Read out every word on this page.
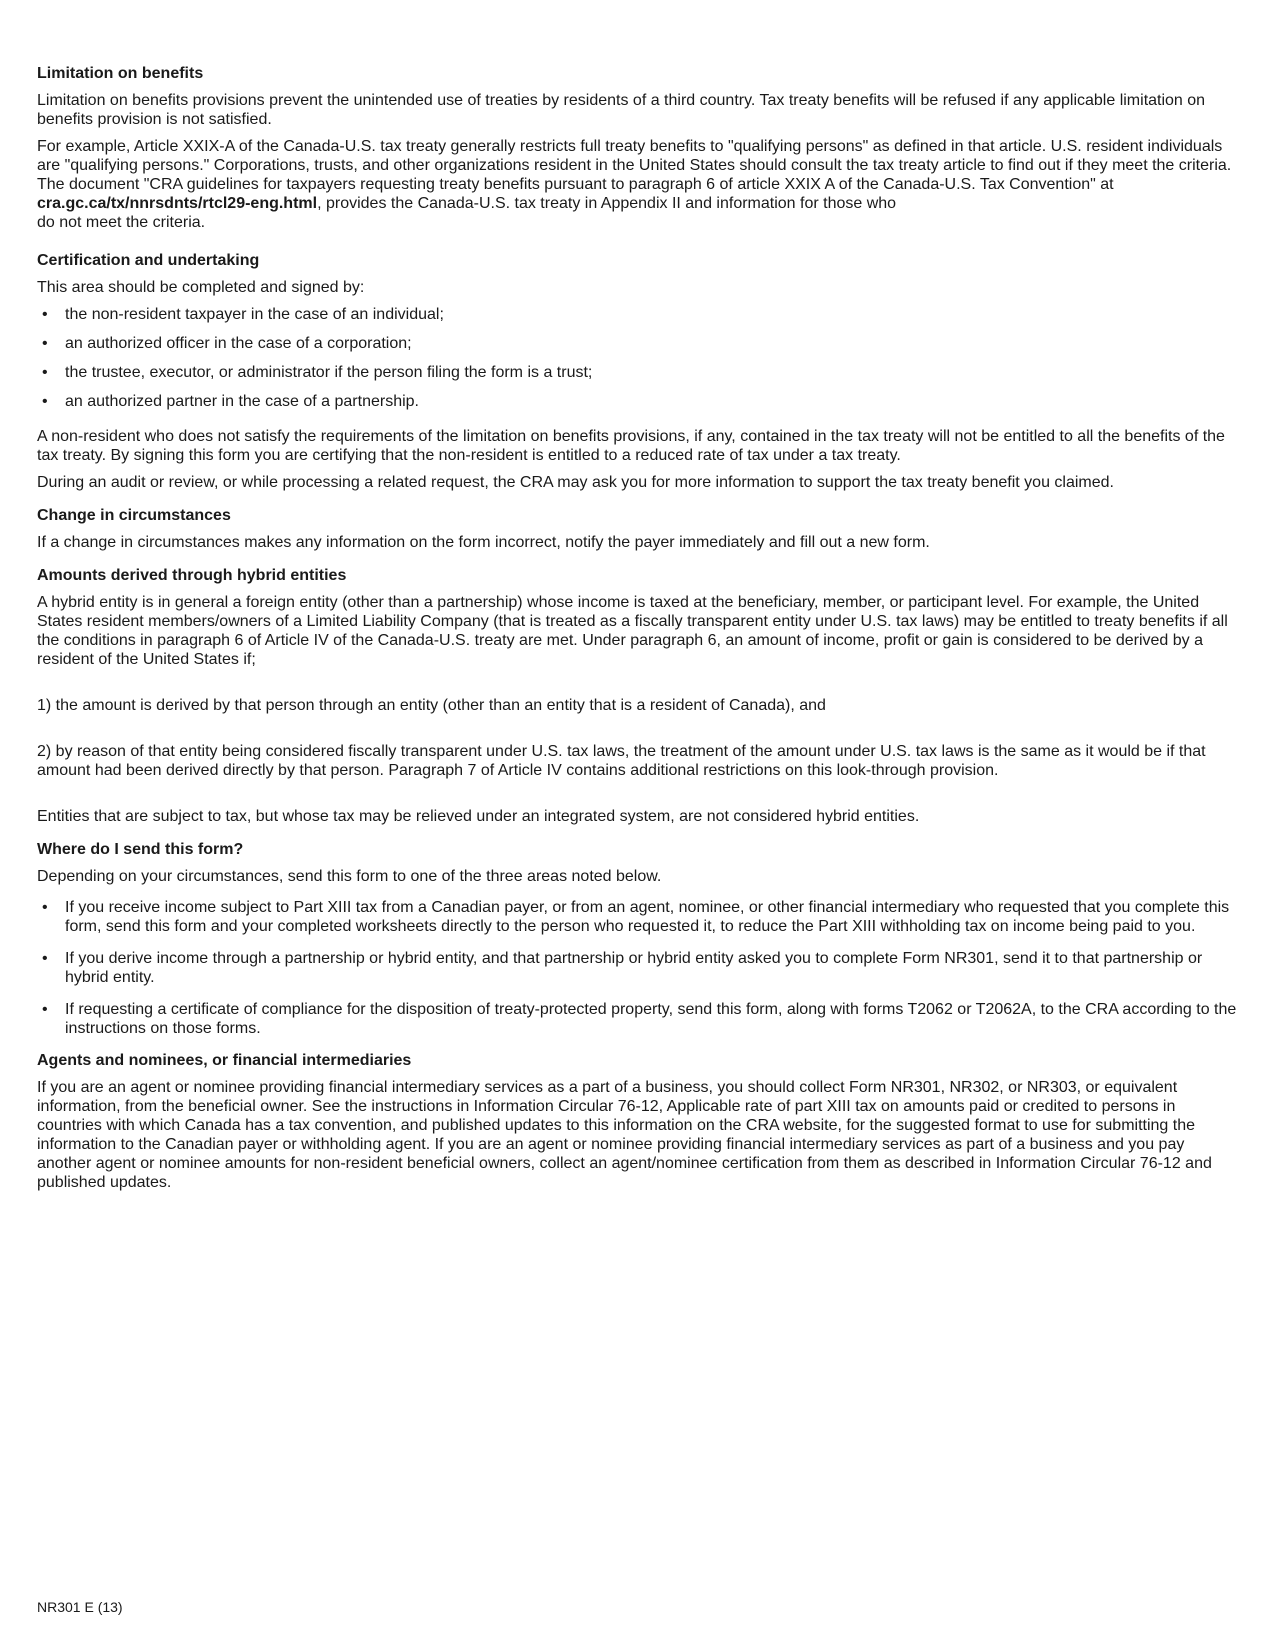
Limitation on benefits

Limitation on benefits provisions prevent the unintended use of treaties by residents of a third country. Tax treaty benefits will be refused if any applicable limitation on benefits provision is not satisfied.

For example, Article XXIX-A of the Canada-U.S. tax treaty generally restricts full treaty benefits to "qualifying persons" as defined in that article. U.S. resident individuals are "qualifying persons." Corporations, trusts, and other organizations resident in the United States should consult the tax treaty article to find out if they meet the criteria. The document "CRA guidelines for taxpayers requesting treaty benefits pursuant to paragraph 6 of article XXIX A of the Canada-U.S. Tax Convention" at cra.gc.ca/tx/nnrsdnts/rtcl29-eng.html, provides the Canada-U.S. tax treaty in Appendix II and information for those who
do not meet the criteria.

Certification and undertaking

This area should be completed and signed by:

• the non-resident taxpayer in the case of an individual;
• an authorized officer in the case of a corporation;
• the trustee, executor, or administrator if the person filing the form is a trust;
• an authorized partner in the case of a partnership.

A non-resident who does not satisfy the requirements of the limitation on benefits provisions, if any, contained in the tax treaty will not be entitled to all the benefits of the tax treaty. By signing this form you are certifying that the non-resident is entitled to a reduced rate of tax under a tax treaty.

During an audit or review, or while processing a related request, the CRA may ask you for more information to support the tax treaty benefit you claimed.

Change in circumstances

If a change in circumstances makes any information on the form incorrect, notify the payer immediately and fill out a new form.

Amounts derived through hybrid entities

A hybrid entity is in general a foreign entity (other than a partnership) whose income is taxed at the beneficiary, member, or participant level. For example, the United States resident members/owners of a Limited Liability Company (that is treated as a fiscally transparent entity under U.S. tax laws) may be entitled to treaty benefits if all the conditions in paragraph 6 of Article IV of the Canada-U.S. treaty are met. Under paragraph 6, an amount of income, profit or gain is considered to be derived by a resident of the United States if;

1) the amount is derived by that person through an entity (other than an entity that is a resident of Canada), and

2) by reason of that entity being considered fiscally transparent under U.S. tax laws, the treatment of the amount under U.S. tax laws is the same as it would be if that amount had been derived directly by that person. Paragraph 7 of Article IV contains additional restrictions on this look-through provision.

Entities that are subject to tax, but whose tax may be relieved under an integrated system, are not considered hybrid entities.

Where do I send this form?

Depending on your circumstances, send this form to one of the three areas noted below.

• If you receive income subject to Part XIII tax from a Canadian payer, or from an agent, nominee, or other financial intermediary who requested that you complete this form, send this form and your completed worksheets directly to the person who requested it, to reduce the Part XIII withholding tax on income being paid to you.
• If you derive income through a partnership or hybrid entity, and that partnership or hybrid entity asked you to complete Form NR301, send it to that partnership or hybrid entity.
• If requesting a certificate of compliance for the disposition of treaty-protected property, send this form, along with forms T2062 or T2062A, to the CRA according to the instructions on those forms.
Agents and nominees, or financial intermediaries

If you are an agent or nominee providing financial intermediary services as a part of a business, you should collect Form NR301, NR302, or NR303, or equivalent information, from the beneficial owner. See the instructions in Information Circular 76-12, Applicable rate of part XIII tax on amounts paid or credited to persons in countries with which Canada has a tax convention, and published updates to this information on the CRA website, for the suggested format to use for submitting the information to the Canadian payer or withholding agent. If you are an agent or nominee providing financial intermediary services as part of a business and you pay another agent or nominee amounts for non-resident beneficial owners, collect an agent/nominee certification from them as described in Information Circular 76-12 and published updates.

NR301 E (13)
